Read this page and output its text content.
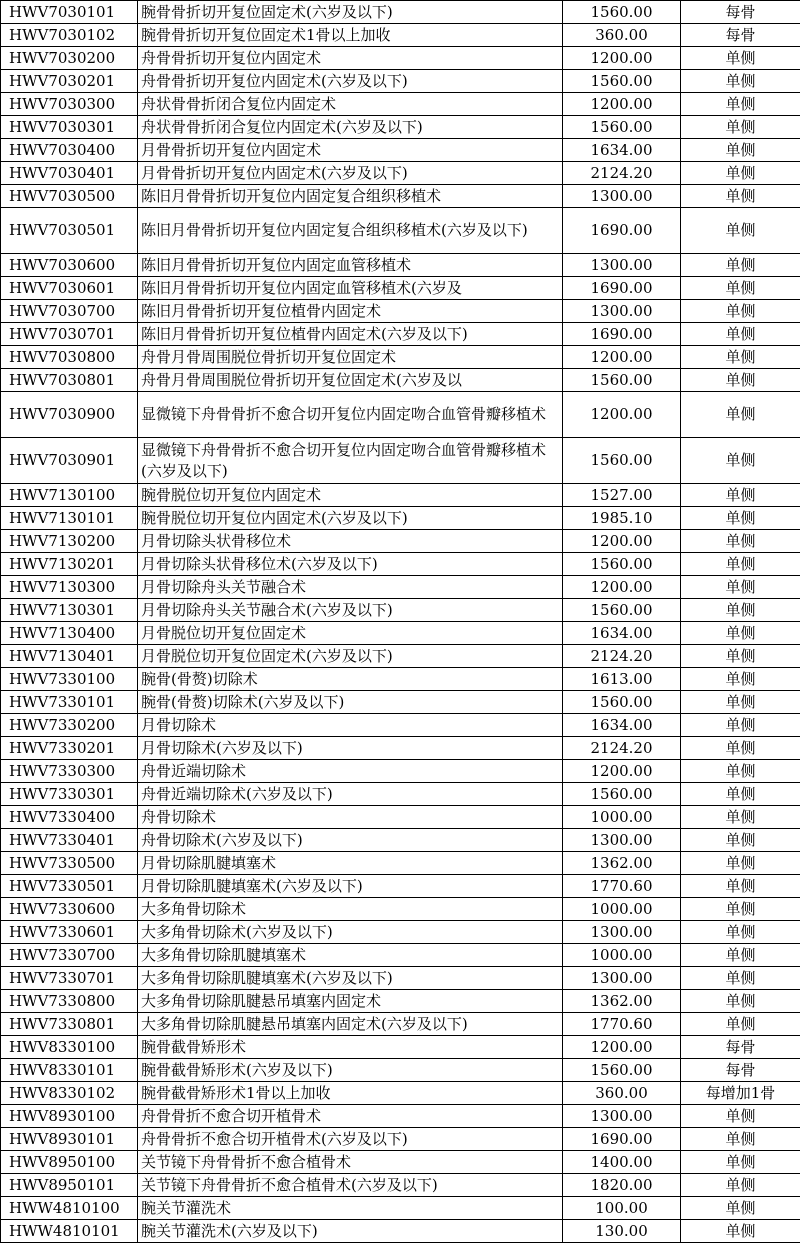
HWV7030101	腕骨骨折切开复位固定术(六岁及以下)	1560.00	每骨
HWV7030102	腕骨骨折切开复位固定术1骨以上加收	360.00	每骨
HWV7030200	舟骨骨折切开复位内固定术	1200.00	单侧
HWV7030201	舟骨骨折切开复位内固定术(六岁及以下)	1560.00	单侧
HWV7030300	舟状骨骨折闭合复位内固定术	1200.00	单侧
HWV7030301	舟状骨骨折闭合复位内固定术(六岁及以下)	1560.00	单侧
HWV7030400	月骨骨折切开复位内固定术	1634.00	单侧
HWV7030401	月骨骨折切开复位内固定术(六岁及以下)	2124.20	单侧
HWV7030500	陈旧月骨骨折切开复位内固定复合组织移植术	1300.00	单侧
HWV7030501	陈旧月骨骨折切开复位内固定复合组织移植术(六岁及以下)	1690.00	单侧
HWV7030600	陈旧月骨骨折切开复位内固定血管移植术	1300.00	单侧
HWV7030601	陈旧月骨骨折切开复位内固定血管移植术(六岁及	1690.00	单侧
HWV7030700	陈旧月骨骨折切开复位植骨内固定术	1300.00	单侧
HWV7030701	陈旧月骨骨折切开复位植骨内固定术(六岁及以下)	1690.00	单侧
HWV7030800	舟骨月骨周围脱位骨折切开复位固定术	1200.00	单侧
HWV7030801	舟骨月骨周围脱位骨折切开复位固定术(六岁及以	1560.00	单侧
HWV7030900	显微镜下舟骨骨折不愈合切开复位内固定吻合血管骨瓣移植术	1200.00	单侧
HWV7030901	显微镜下舟骨骨折不愈合切开复位内固定吻合血管骨瓣移植术(六岁及以下)	1560.00	单侧
HWV7130100	腕骨脱位切开复位内固定术	1527.00	单侧
HWV7130101	腕骨脱位切开复位内固定术(六岁及以下)	1985.10	单侧
HWV7130200	月骨切除头状骨移位术	1200.00	单侧
HWV7130201	月骨切除头状骨移位术(六岁及以下)	1560.00	单侧
HWV7130300	月骨切除舟头关节融合术	1200.00	单侧
HWV7130301	月骨切除舟头关节融合术(六岁及以下)	1560.00	单侧
HWV7130400	月骨脱位切开复位固定术	1634.00	单侧
HWV7130401	月骨脱位切开复位固定术(六岁及以下)	2124.20	单侧
HWV7330100	腕骨(骨赘)切除术	1613.00	单侧
HWV7330101	腕骨(骨赘)切除术(六岁及以下)	1560.00	单侧
HWV7330200	月骨切除术	1634.00	单侧
HWV7330201	月骨切除术(六岁及以下)	2124.20	单侧
HWV7330300	舟骨近端切除术	1200.00	单侧
HWV7330301	舟骨近端切除术(六岁及以下)	1560.00	单侧
HWV7330400	舟骨切除术	1000.00	单侧
HWV7330401	舟骨切除术(六岁及以下)	1300.00	单侧
HWV7330500	月骨切除肌腱填塞术	1362.00	单侧
HWV7330501	月骨切除肌腱填塞术(六岁及以下)	1770.60	单侧
HWV7330600	大多角骨切除术	1000.00	单侧
HWV7330601	大多角骨切除术(六岁及以下)	1300.00	单侧
HWV7330700	大多角骨切除肌腱填塞术	1000.00	单侧
HWV7330701	大多角骨切除肌腱填塞术(六岁及以下)	1300.00	单侧
HWV7330800	大多角骨切除肌腱悬吊填塞内固定术	1362.00	单侧
HWV7330801	大多角骨切除肌腱悬吊填塞内固定术(六岁及以下)	1770.60	单侧
HWV8330100	腕骨截骨矫形术	1200.00	每骨
HWV8330101	腕骨截骨矫形术(六岁及以下)	1560.00	每骨
HWV8330102	腕骨截骨矫形术1骨以上加收	360.00	每增加1骨
HWV8930100	舟骨骨折不愈合切开植骨术	1300.00	单侧
HWV8930101	舟骨骨折不愈合切开植骨术(六岁及以下)	1690.00	单侧
HWV8950100	关节镜下舟骨骨折不愈合植骨术	1400.00	单侧
HWV8950101	关节镜下舟骨骨折不愈合植骨术(六岁及以下)	1820.00	单侧
HWW4810100	腕关节灌洗术	100.00	单侧
HWW4810101	腕关节灌洗术(六岁及以下)	130.00	单侧
